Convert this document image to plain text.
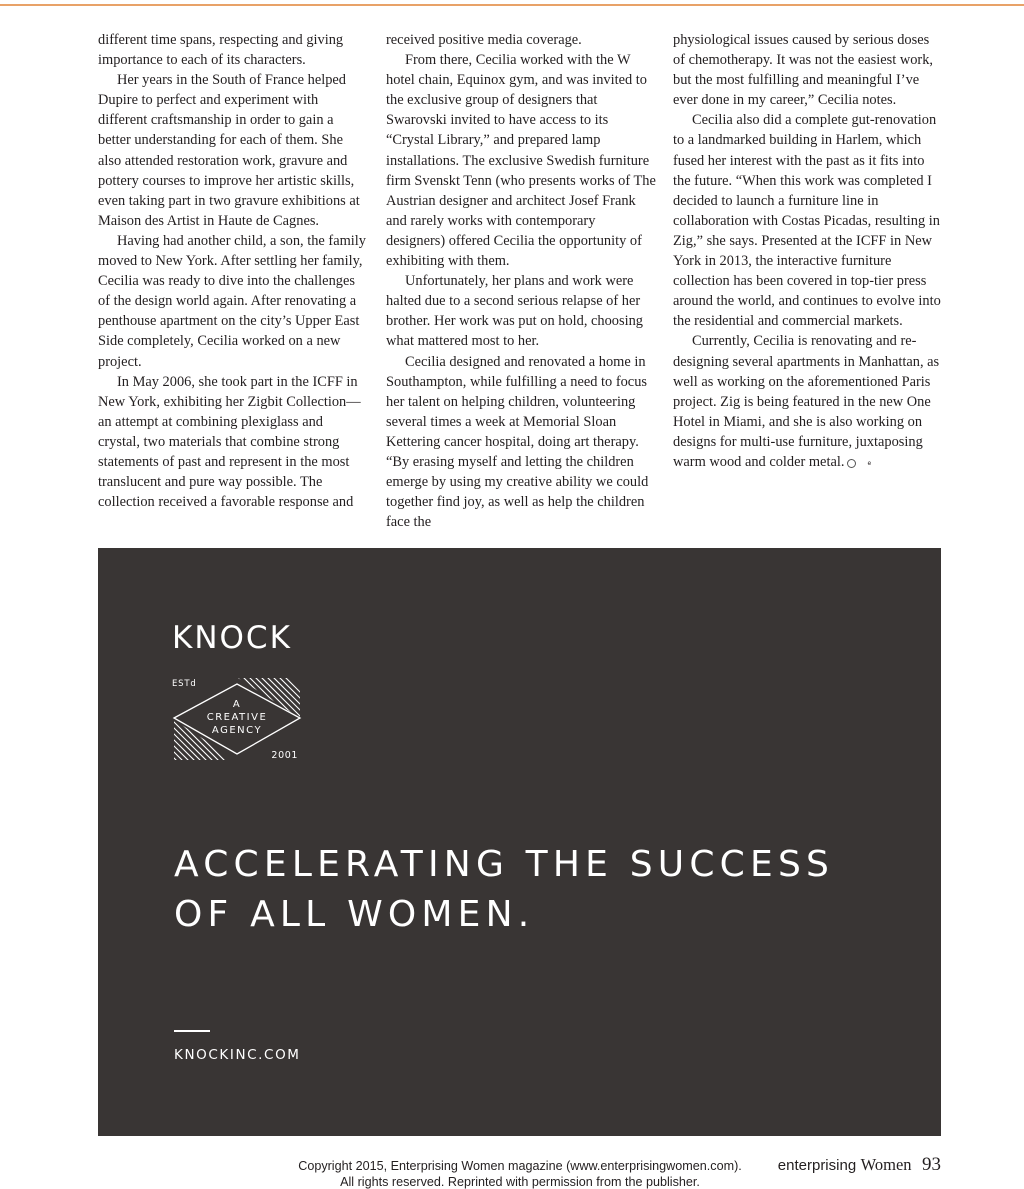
different time spans, respecting and giving importance to each of its characters.

Her years in the South of France helped Dupire to perfect and experiment with different craftsmanship in order to gain a better understanding for each of them. She also attended restoration work, gravure and pottery courses to improve her artistic skills, even taking part in two gravure exhibitions at Maison des Artist in Haute de Cagnes.

Having had another child, a son, the family moved to New York. After settling her family, Cecilia was ready to dive into the challenges of the design world again. After renovating a penthouse apartment on the city’s Upper East Side completely, Cecilia worked on a new project.

In May 2006, she took part in the ICFF in New York, exhibiting her Zigbit Collection—an attempt at combining plexiglass and crystal, two materials that combine strong statements of past and represent in the most translucent and pure way possible. The collection received a favorable response and

received positive media coverage.

From there, Cecilia worked with the W hotel chain, Equinox gym, and was invited to the exclusive group of designers that Swarovski invited to have access to its “Crystal Library,” and prepared lamp installations. The exclusive Swedish furniture firm Svenskt Tenn (who presents works of The Austrian designer and architect Josef Frank and rarely works with contemporary designers) offered Cecilia the opportunity of exhibiting with them.

Unfortunately, her plans and work were halted due to a second serious relapse of her brother. Her work was put on hold, choosing what mattered most to her.

Cecilia designed and renovated a home in Southampton, while fulfilling a need to focus her talent on helping children, volunteering several times a week at Memorial Sloan Kettering cancer hospital, doing art therapy. “By erasing myself and letting the children emerge by using my creative ability we could together find joy, as well as help the children face the

physiological issues caused by serious doses of chemotherapy. It was not the easiest work, but the most fulfilling and meaningful I’ve ever done in my career,” Cecilia notes.

Cecilia also did a complete gut-renovation to a landmarked building in Harlem, which fused her interest with the past as it fits into the future. “When this work was completed I decided to launch a furniture line in collaboration with Costas Picadas, resulting in Zig,” she says. Presented at the ICFF in New York in 2013, the interactive furniture collection has been covered in top-tier press around the world, and continues to evolve into the residential and commercial markets.

Currently, Cecilia is renovating and re-designing several apartments in Manhattan, as well as working on the aforementioned Paris project. Zig is being featured in the new One Hotel in Miami, and she is also working on designs for multi-use furniture, juxtaposing warm wood and colder metal.	e

KNOCK
ESTd
A
CREATIVE
AGENCY
2001
ACCELERATING THE SUCCESS
OF ALL WOMEN.
KNOCKINC.COM
Copyright 2015, Enterprising Women magazine (www.enterprisingwomen.com).
All rights reserved. Reprinted with permission from the publisher.
enterprising Women 93
